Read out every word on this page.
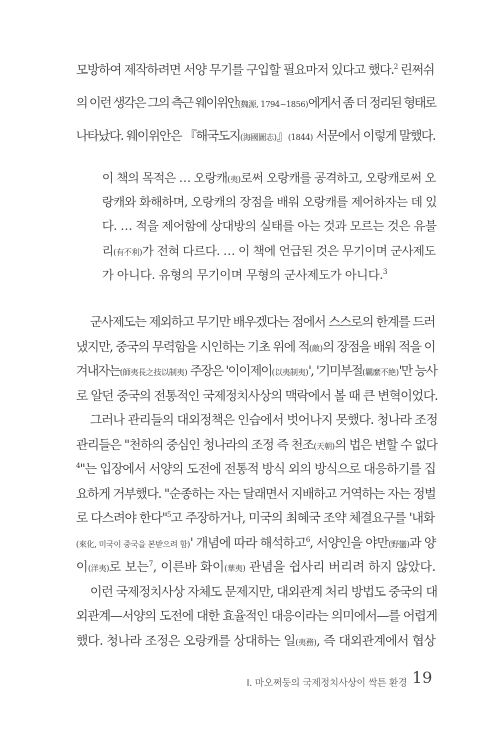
모방하여 제작하려면 서양 무기를 구입할 필요마저 있다고 했다.$^2$ 린쩌쉬
의 이런 생각은 그의 측근 웨이위안(魏源, 1794~1856)에게서 좀 더 정리된 형태로
나타났다. 웨이위안은 『해국도지(海國圖志)』(1844) 서문에서 이렇게 말했다.
이 책의 목적은 … 오랑캐(夷)로써 오랑캐를 공격하고, 오랑캐로써 오
랑캐와 화해하며, 오랑캐의 장점을 배워 오랑캐를 제어하자는 데 있
다. … 적을 제어함에 상대방의 실태를 아는 것과 모르는 것은 유불
리(有不利)가 전혀 다르다. … 이 책에 언급된 것은 무기이며 군사제도
가 아니다. 유형의 무기이며 무형의 군사제도가 아니다.$^3$
군사제도는 제외하고 무기만 배우겠다는 점에서 스스로의 한계를 드러
냈지만, 중국의 무력함을 시인하는 기초 위에 적(敵)의 장점을 배워 적을 이
겨내자는(師夷長之技以制夷) 주장은 '이이제이(以夷制夷)', '기미부절(羈縻不絶)'만 능사
로 알던 중국의 전통적인 국제정치사상의 맥락에서 볼 때 큰 변혁이었다.
그러나 관리들의 대외정책은 인습에서 벗어나지 못했다. 청나라 조정
관리들은 "천하의 중심인 청나라의 조정 즉 천조(天朝)의 법은 변할 수 없다
$^4$"는 입장에서 서양의 도전에 전통적 방식 외의 방식으로 대응하기를 집
요하게 거부했다. "순종하는 자는 달래면서 지배하고 거역하는 자는 정벌
로 다스려야 한다"$^5$고 주장하거나, 미국의 최혜국 조약 체결요구를 '내화
(來化, 미국이 중국을 본받으려 함)' 개념에 따라 해석하고$^6$, 서양인을 야만(野蠻)과 양
이(洋夷)로 보는$^7$, 이른바 화이(華夷) 관념을 쉽사리 버리려 하지 않았다.
이런 국제정치사상 자체도 문제지만, 대외관계 처리 방법도 중국의 대
외관계—서양의 도전에 대한 효율적인 대응이라는 의미에서—를 어렵게
했다. 청나라 조정은 오랑캐를 상대하는 일(夷務), 즉 대외관계에서 협상
I. 마오쩌둥의 국제정치사상이 싹튼 환경 19
